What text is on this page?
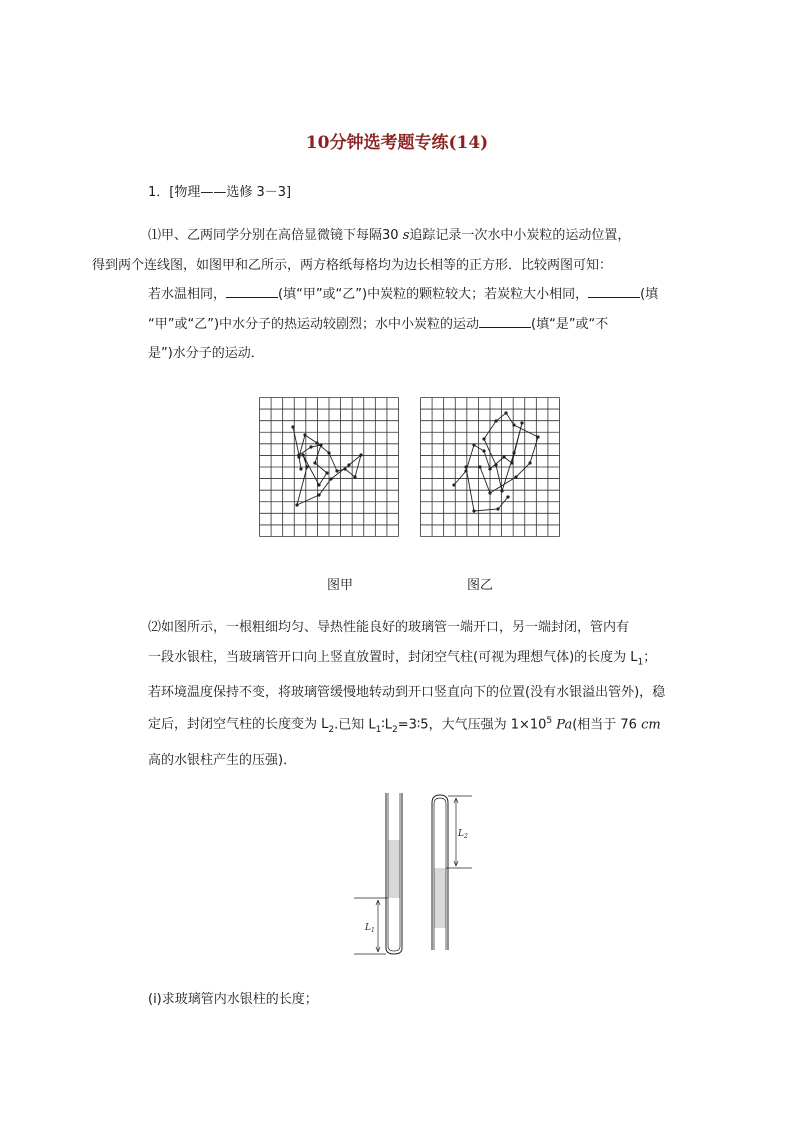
10分钟选考题专练(14)
1．[物理——选修 3－3]
⑴甲、乙两同学分别在高倍显微镜下每隔30 s追踪记录一次水中小炭粒的运动位置，
得到两个连线图，如图甲和乙所示，两方格纸每格均为边长相等的正方形．比较两图可知：
若水温相同，	(填“甲”或“乙”)中炭粒的颗粒较大；若炭粒大小相同，	(填
“甲”或“乙”)中水分子的热运动较剧烈；水中小炭粒的运动	(填“是”或“不
是”)水分子的运动．
图甲	图乙
⑵如图所示，一根粗细均匀、导热性能良好的玻璃管一端开口，另一端封闭，管内有
一段水银柱，当玻璃管开口向上竖直放置时，封闭空气柱(可视为理想气体)的长度为 $L_1$；
若环境温度保持不变，将玻璃管缓慢地转动到开口竖直向下的位置(没有水银溢出管外)，稳
定后，封闭空气柱的长度变为 $L_2$.已知 $L_1∶L_2=3∶5$，大气压强为 $1\times 10^5$ Pa(相当于 76 cm
高的水银柱产生的压强)．
$L_1$
$L_2$
(ⅰ)求玻璃管内水银柱的长度；
